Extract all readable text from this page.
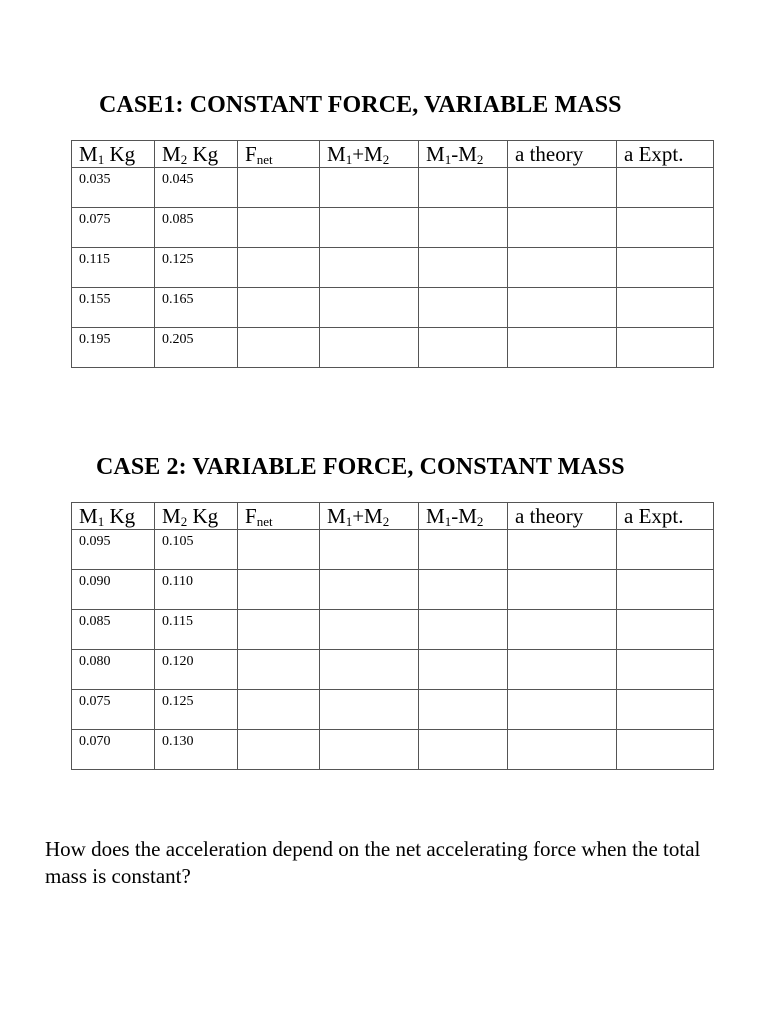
CASE1: CONSTANT FORCE, VARIABLE MASS
$M_1$ Kg	$M_2$ Kg	$F_{net}$	$M_1+M_2$	$M_1-M_2$	a theory	a Expt.
0.035	0.045					
0.075	0.085					
0.115	0.125					
0.155	0.165					
0.195	0.205					
CASE 2: VARIABLE FORCE, CONSTANT MASS
$M_1$ Kg	$M_2$ Kg	$F_{net}$	$M_1+M_2$	$M_1-M_2$	a theory	a Expt.
0.095	0.105					
0.090	0.110					
0.085	0.115					
0.080	0.120					
0.075	0.125					
0.070	0.130					
How does the acceleration depend on the net accelerating force when the total mass is constant?
